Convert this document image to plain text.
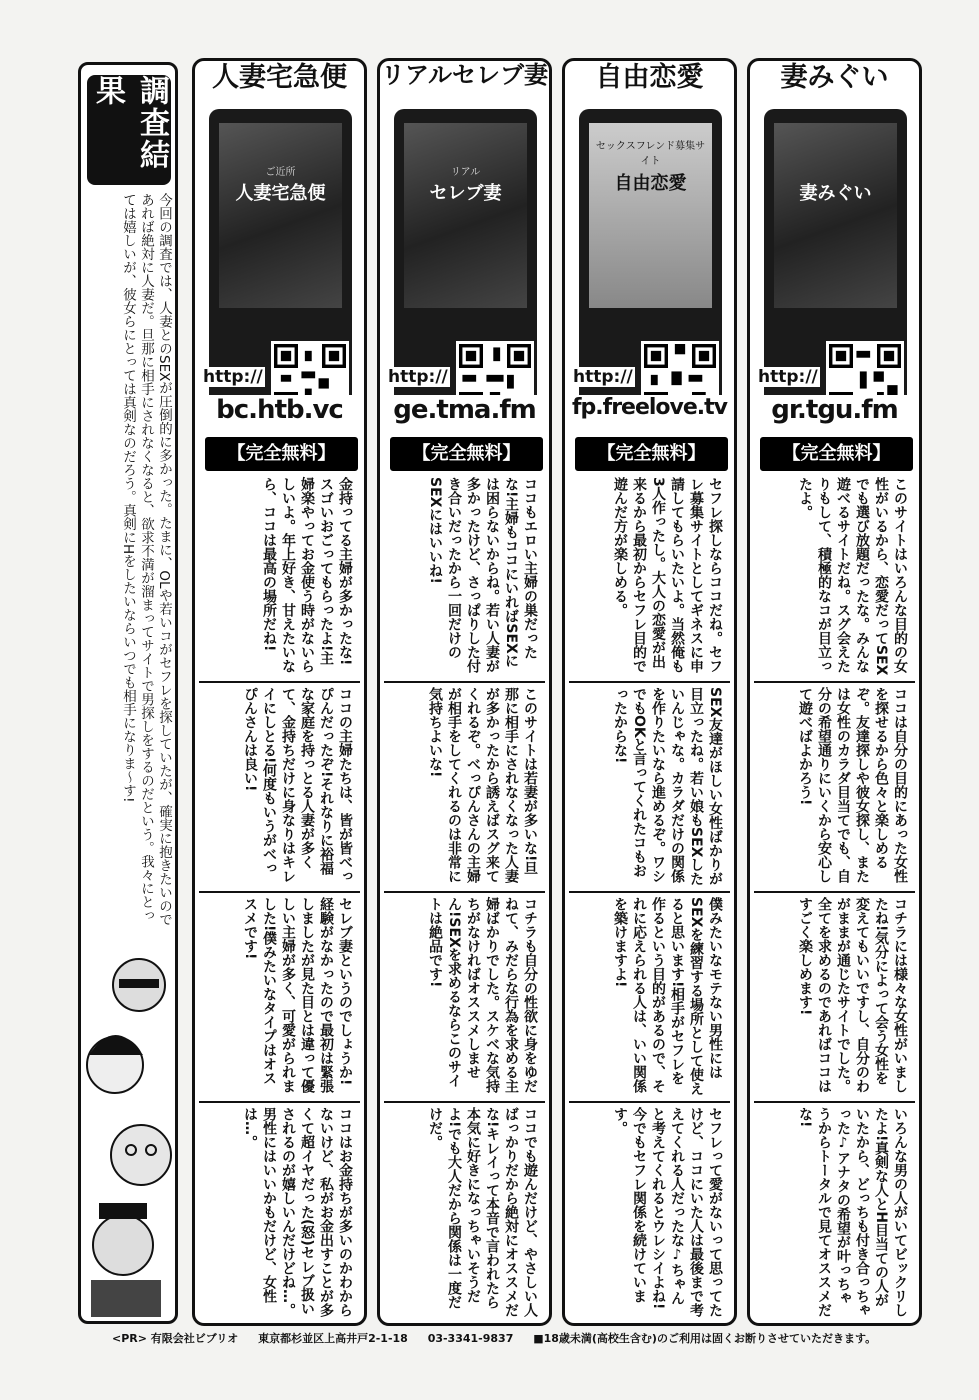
調査結果
今回の調査では、人妻とのSEXが圧倒的に多かった。たまに、OLや若いコがセフレを探していたが、確実に抱きたいのであれば絶対に人妻だ。旦那に相手にされなくなると、欲求不満が溜まってサイトで男探しをするのだという。我々にとっては嬉しいが、彼女らにとっては真剣なのだろう。真剣にHをしたいならいつでも相手になりま〜す!
人妻宅急便
ご近所
人妻宅急便
http://
bc.htb.vc
【完全無料】
金持ってる主婦が多かったな!スゴいおごってもらったよ!主婦楽やってお金使う時がないらしいよ。年上好き、甘えたいなら、ココは最高の場所だね!
ココの主婦たちは、皆が皆べっぴんだったぞ!それなりに裕福な家庭を持っとる人妻が多くて、金持ちだけに身なりはキレイにしとる!何度もいうがべっぴんさんは良い!
セレブ妻というのでしょうか!経験がなかったので最初は緊張しましたが見た目とは違って優しい主婦が多く、可愛がられました!僕みたいなタイプはオススメです!
ココはお金持ちが多いのかわからないけど、私がお金出すことが多くて超イヤだった(怒)セレブ扱いされるのが嬉しいんだけどね…。男性にはいいかもだけど、女性は…。
リアルセレブ妻
リアル
セレブ妻
http://
ge.tma.fm
【完全無料】
ココもエロい主婦の巣だったな!主婦もココにいればSEXには困らないからね。若い人妻が多かったけど、さっぱりした付き合いだったから一回だけのSEXにはいいね!
このサイトは若妻が多いな!旦那に相手にされなくなった人妻が多かったから誘えばスグ来てくれるぞ。べっぴんさんの主婦が相手をしてくれるのは非常に気持ちよいな!
コチラも自分の性欲に身をゆだねて、みだらな行為を求める主婦ばかりでした。スケベな気持ちがなければオススメしません!SEXを求めるならこのサイトは絶品です!
ココでも遊んだけど、やさしい人ばっかりだから絶対にオススメだな!キレイって本音で言われたら本気に好きになっちゃいそうだよ!でも大人だから関係は一度だけだ。
自由恋愛
セックスフレンド募集サイト
自由恋愛
http://
fp.freelove.tv
【完全無料】
セフレ探しならココだね。セフレ募集サイトとしてギネスに申請してもらいたいよ。当然俺も3人作ったし。大人の恋愛が出来るから最初からセフレ目的で遊んだ方が楽しめる。
SEX友達がほしい女性ばかりが目立ったね。若い娘もSEXしたいんじゃな。カラダだけの関係を作りたいなら進めるぞ。ワシでもOKと言ってくれたコもおったからな!
僕みたいなモテない男性にはSEXを練習する場所として使えると思います!相手がセフレを作るという目的があるので、それに応えられる人は、いい関係を築けますよ!
セフレって愛がないって思ってたけど、ココにいた人は最後まで考えてくれる人だったな♪ちゃんと考えてくれるとウレシイよね!今でもセフレ関係を続けています。
妻みぐい
妻みぐい
http://
gr.tgu.fm
【完全無料】
このサイトはいろんな目的の女性がいるから、恋愛だってSEXでも選び放題だったな。みんな遊べるサイトだね。スグ会えたりもして、積極的なコが目立ったよ。
ココは自分の目的にあった女性を探せるから色々と楽しめるぞ。友達探しや彼女探し、または女性のカラダ目当てでも、自分の希望通りにいくから安心して遊べばよかろう!
コチラには様々な女性がいましたね!気分によって会う女性を変えてもいいですし、自分のわがままが通じたサイトでした。全てを求めるのであればココはすごく楽しめます!
いろんな男の人がいてビックリしたよ!真剣な人とH目当ての人がいたから、どっちも付き合っちゃった♪アナタの希望が叶っちゃうからトータルで見てオススメだな!
<PR> 有限会社ビブリオ 東京都杉並区上高井戸2-1-18 03-3341-9837 ■18歳未満(高校生含む)のご利用は固くお断りさせていただきます。
